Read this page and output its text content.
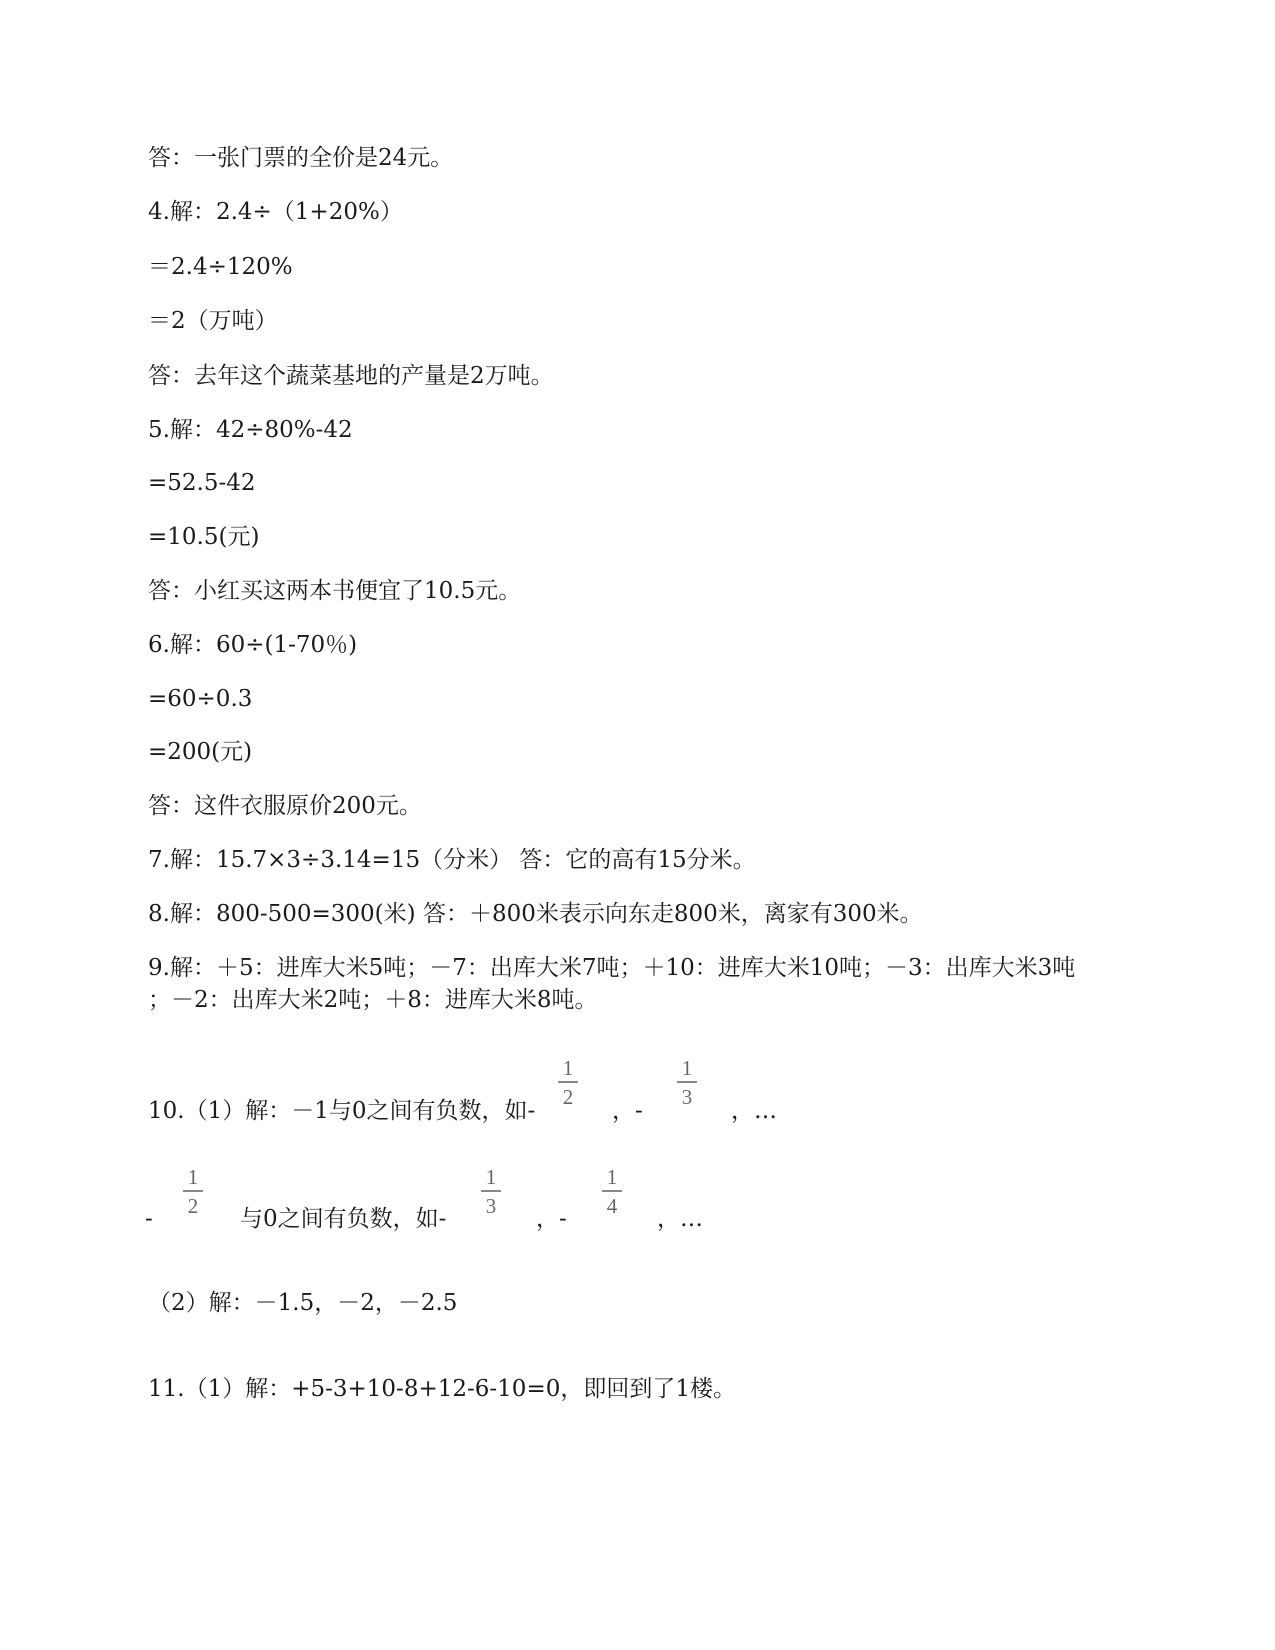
答：一张门票的全价是24元。
4.解：2.4÷（1+20%）
＝2.4÷120%
＝2（万吨）
答：去年这个蔬菜基地的产量是2万吨。
5.解：42÷80%-42
=52.5-42
=10.5(元)
答：小红买这两本书便宜了10.5元。
6.解：60÷(1-70％)
=60÷0.3
=200(元)
答：这件衣服原价200元。
7.解：15.7×3÷3.14=15（分米） 答：它的高有15分米。
8.解：800-500=300(米) 答：＋800米表示向东走800米，离家有300米。
9.解：＋5：进库大米5吨；－7：出库大米7吨；＋10：进库大米10吨；－3：出库大米3吨
；－2：出库大米2吨；＋8：进库大米8吨。
10.（1）解：－1与0之间有负数，如-
1
2
，-
1
3
，…
-
1
2
与0之间有负数，如-
1
3
，-
1
4
，…
（2）解：－1.5，－2，－2.5
11.（1）解：+5-3+10-8+12-6-10=0，即回到了1楼。
